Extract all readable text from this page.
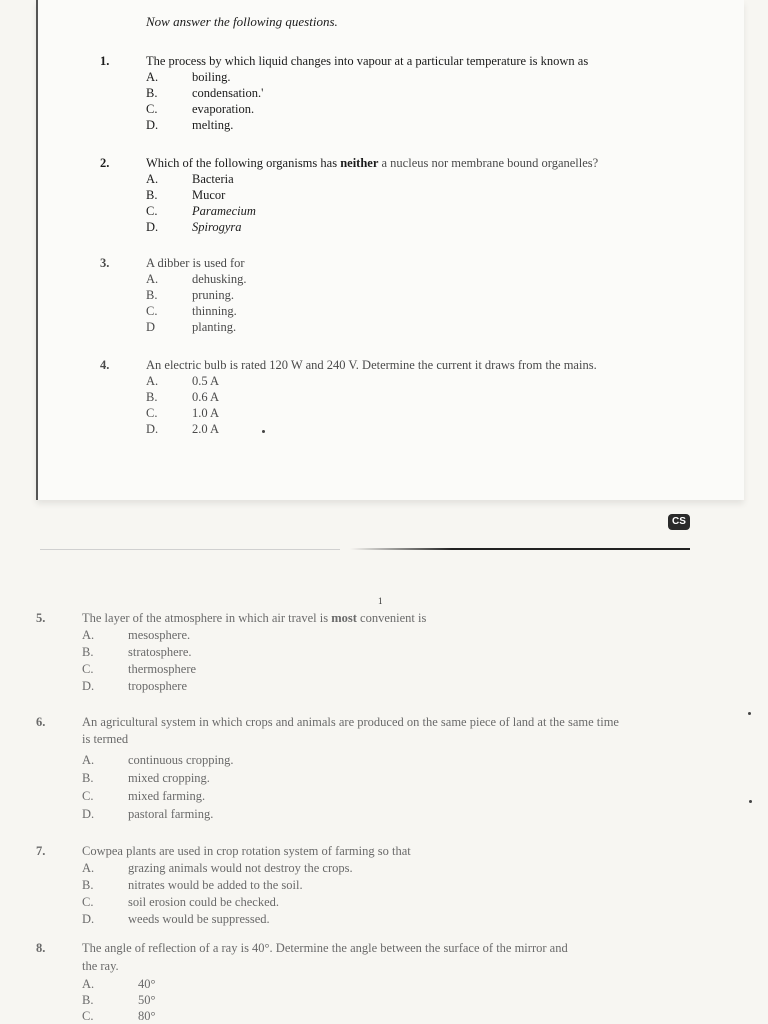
Now answer the following questions.
1.	The process by which liquid changes into vapour at a particular temperature is known as
A.	boiling.
B.	condensation.'
C.	evaporation.
D.	melting.
2.	Which of the following organisms has neither a nucleus nor membrane bound organelles?
A.	Bacteria
B.	Mucor
C.	Paramecium
D.	Spirogyra
3.	A dibber is used for
A.	dehusking.
B.	pruning.
C.	thinning.
D	planting.
4.	An electric bulb is rated 120 W and 240 V. Determine the current it draws from the mains.
A.	0.5 A
B.	0.6 A
C.	1.0 A
D.	2.0 A
CS
1
5.	The layer of the atmosphere in which air travel is most convenient is
A.	mesosphere.
B.	stratosphere.
C.	thermosphere
D.	troposphere
6.	An agricultural system in which crops and animals are produced on the same piece of land at the same time
is termed
A.	continuous cropping.
B.	mixed cropping.
C.	mixed farming.
D.	pastoral farming.
7.	Cowpea plants are used in crop rotation system of farming so that
A.	grazing animals would not destroy the crops.
B.	nitrates would be added to the soil.
C.	soil erosion could be checked.
D.	weeds would be suppressed.
8.	The angle of reflection of a ray is 40°. Determine the angle between the surface of the mirror and
the ray.
A.	40°
B.	50°
C.	80°
